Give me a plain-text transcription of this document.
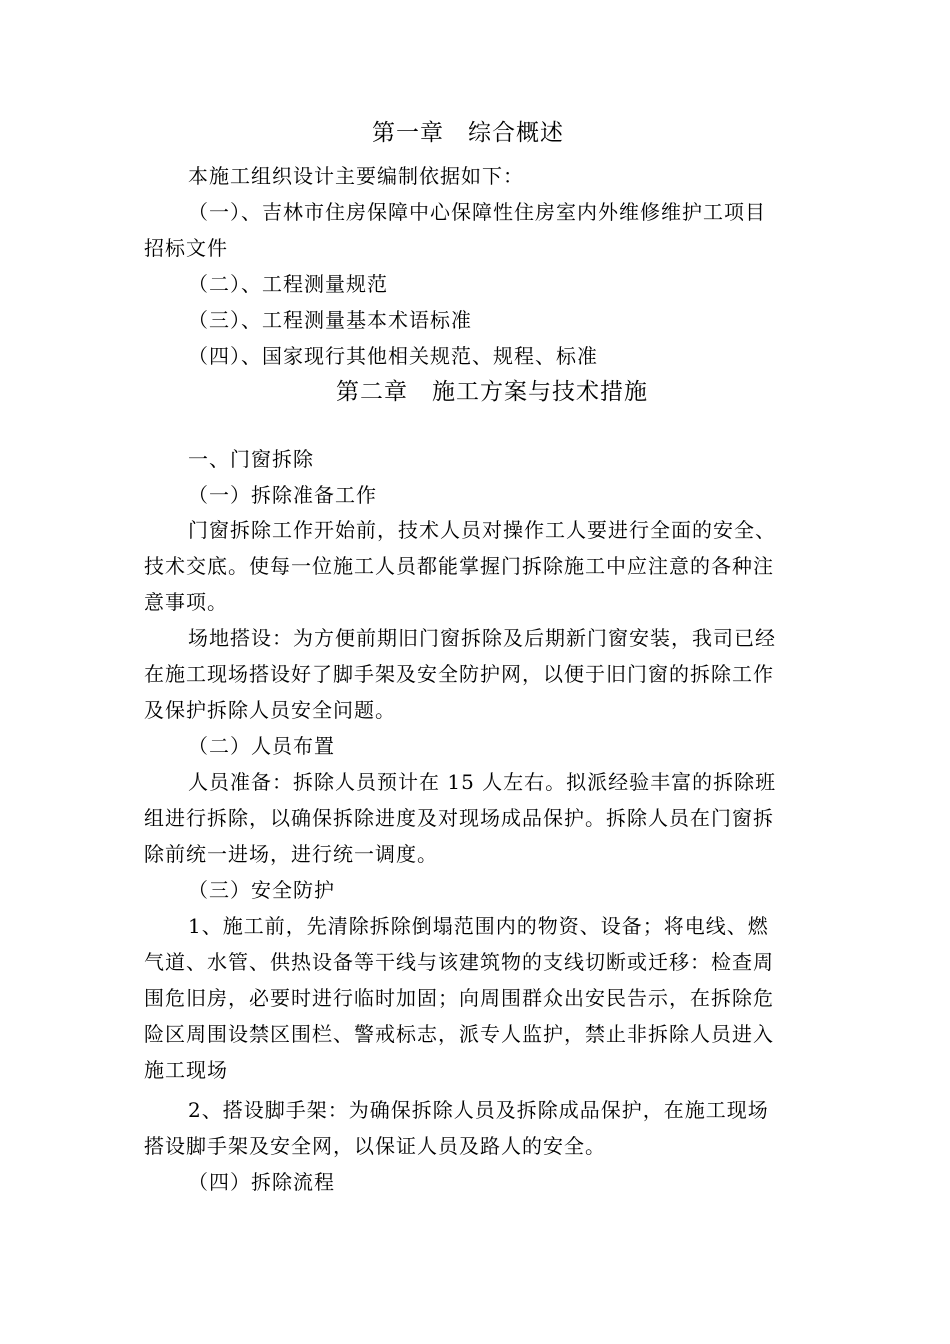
第一章　综合概述
本施工组织设计主要编制依据如下：
（一）、吉林市住房保障中心保障性住房室内外维修维护工项目
招标文件
（二）、工程测量规范
（三）、工程测量基本术语标准
（四）、国家现行其他相关规范、规程、标准
第二章　施工方案与技术措施
一、门窗拆除
（一）拆除准备工作
门窗拆除工作开始前，技术人员对操作工人要进行全面的安全、
技术交底。使每一位施工人员都能掌握门拆除施工中应注意的各种注
意事项。
场地搭设：为方便前期旧门窗拆除及后期新门窗安装，我司已经
在施工现场搭设好了脚手架及安全防护网，以便于旧门窗的拆除工作
及保护拆除人员安全问题。
（二）人员布置
人员准备：拆除人员预计在 15 人左右。拟派经验丰富的拆除班
组进行拆除，以确保拆除进度及对现场成品保护。拆除人员在门窗拆
除前统一进场，进行统一调度。
（三）安全防护
1、施工前，先清除拆除倒塌范围内的物资、设备；将电线、燃
气道、水管、供热设备等干线与该建筑物的支线切断或迁移：检查周
围危旧房，必要时进行临时加固；向周围群众出安民告示，在拆除危
险区周围设禁区围栏、警戒标志，派专人监护，禁止非拆除人员进入
施工现场
2、搭设脚手架：为确保拆除人员及拆除成品保护，在施工现场
搭设脚手架及安全网，以保证人员及路人的安全。
（四）拆除流程
